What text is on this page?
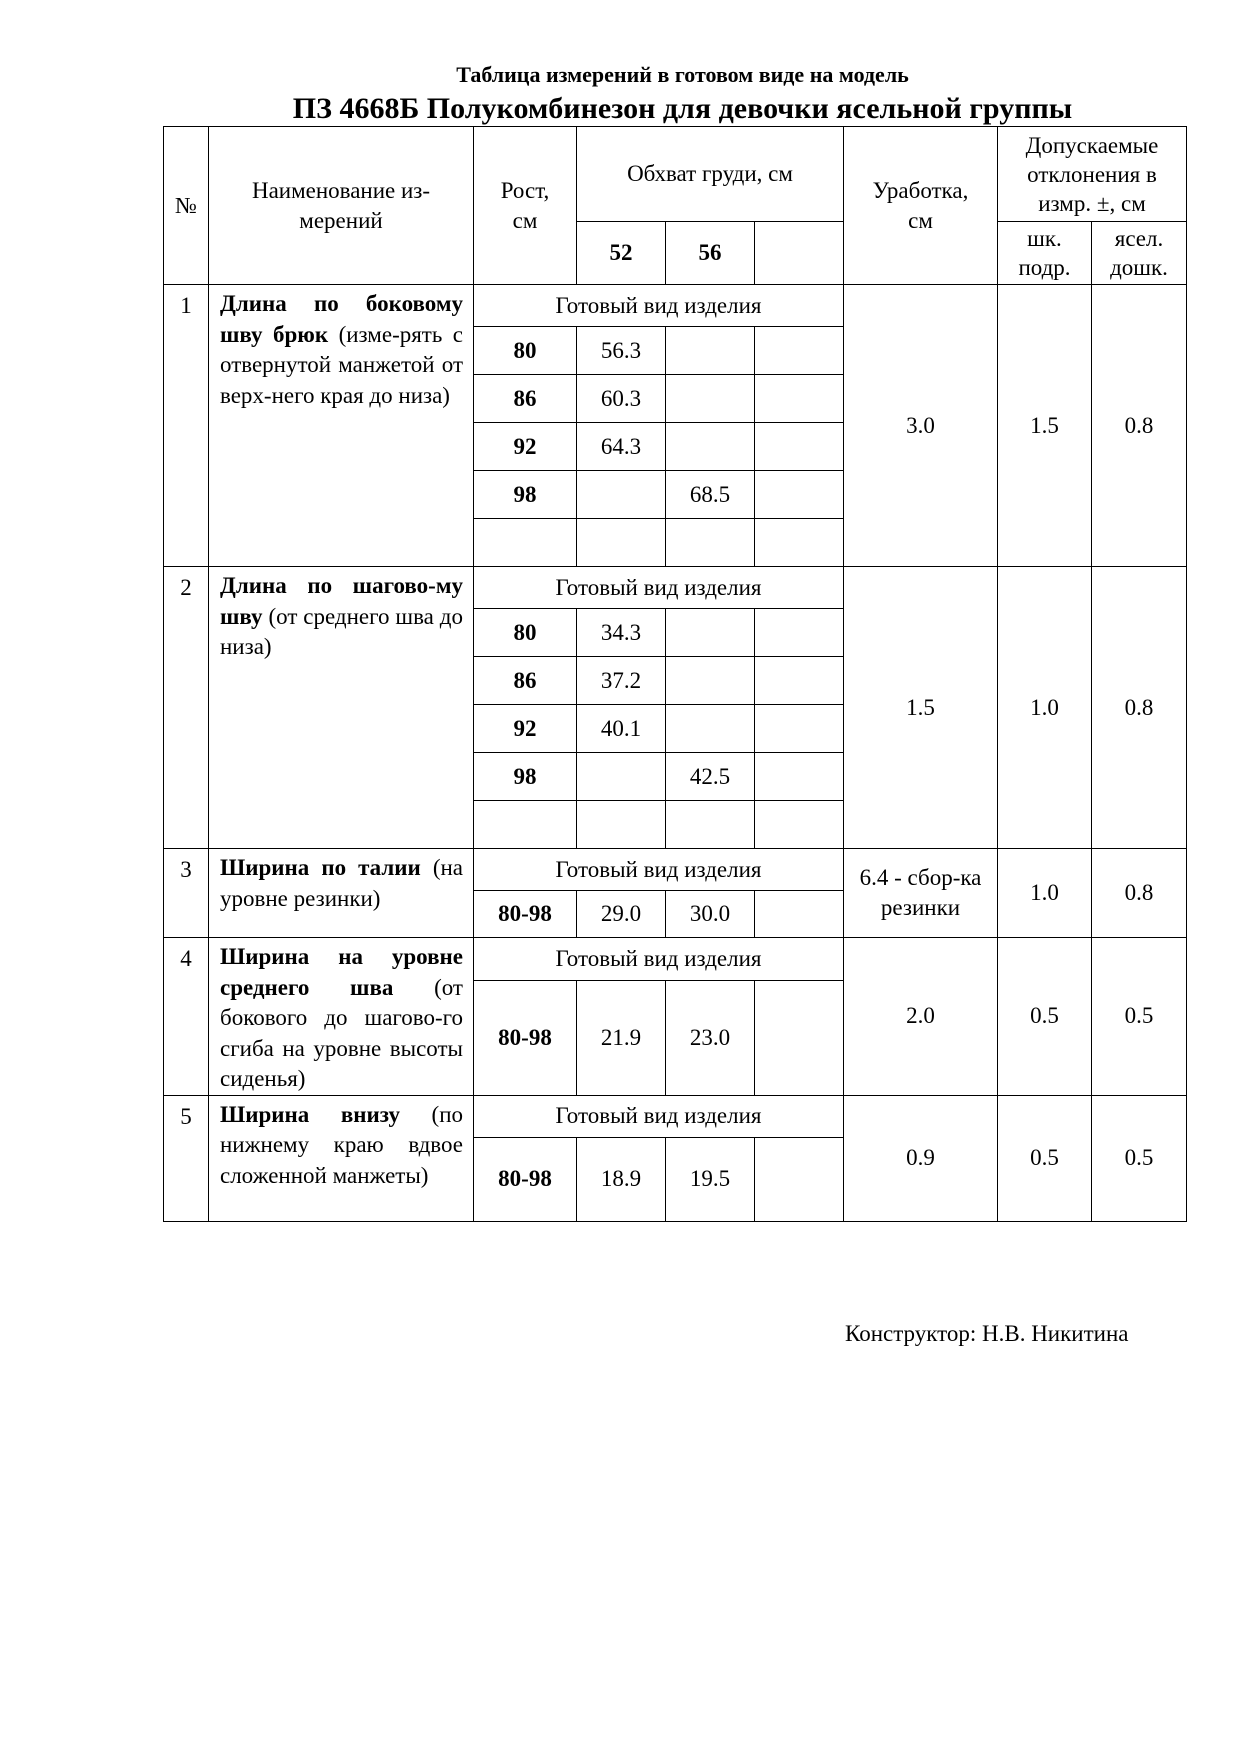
Таблица измерений в готовом виде на модель
ПЗ 4668Б Полукомбинезон для девочки ясельной группы
№	Наименование из-мерений	Рост, см	Обхват груди, см			Уработка, см	Допускаемые отклонения в измр. ±, см	
			52	56			шк. подр.	ясел. дошк.
1	Длина по боковому шву брюк (изме-рять с отвернутой манжетой от верх-него края до низа)	Готовый вид изделия				3.0	1.5	0.8
		80	56.3					
		86	60.3					
		92	64.3					
		98		68.5				

2	Длина по шагово-му шву (от среднего шва до низа)	Готовый вид изделия				1.5	1.0	0.8
		80	34.3					
		86	37.2					
		92	40.1					
		98		42.5				

3	Ширина по талии (на уровне резинки)	Готовый вид изделия				6.4 - сбор-ка резинки	1.0	0.8
		80-98	29.0	30.0				
4	Ширина на уровне среднего шва (от бокового до шагово-го сгиба на уровне высоты сиденья)	Готовый вид изделия				2.0	0.5	0.5
		80-98	21.9	23.0				
5	Ширина внизу (по нижнему краю вдвое сложенной манжеты)	Готовый вид изделия				0.9	0.5	0.5
		80-98	18.9	19.5				
Конструктор: Н.В. Никитина
